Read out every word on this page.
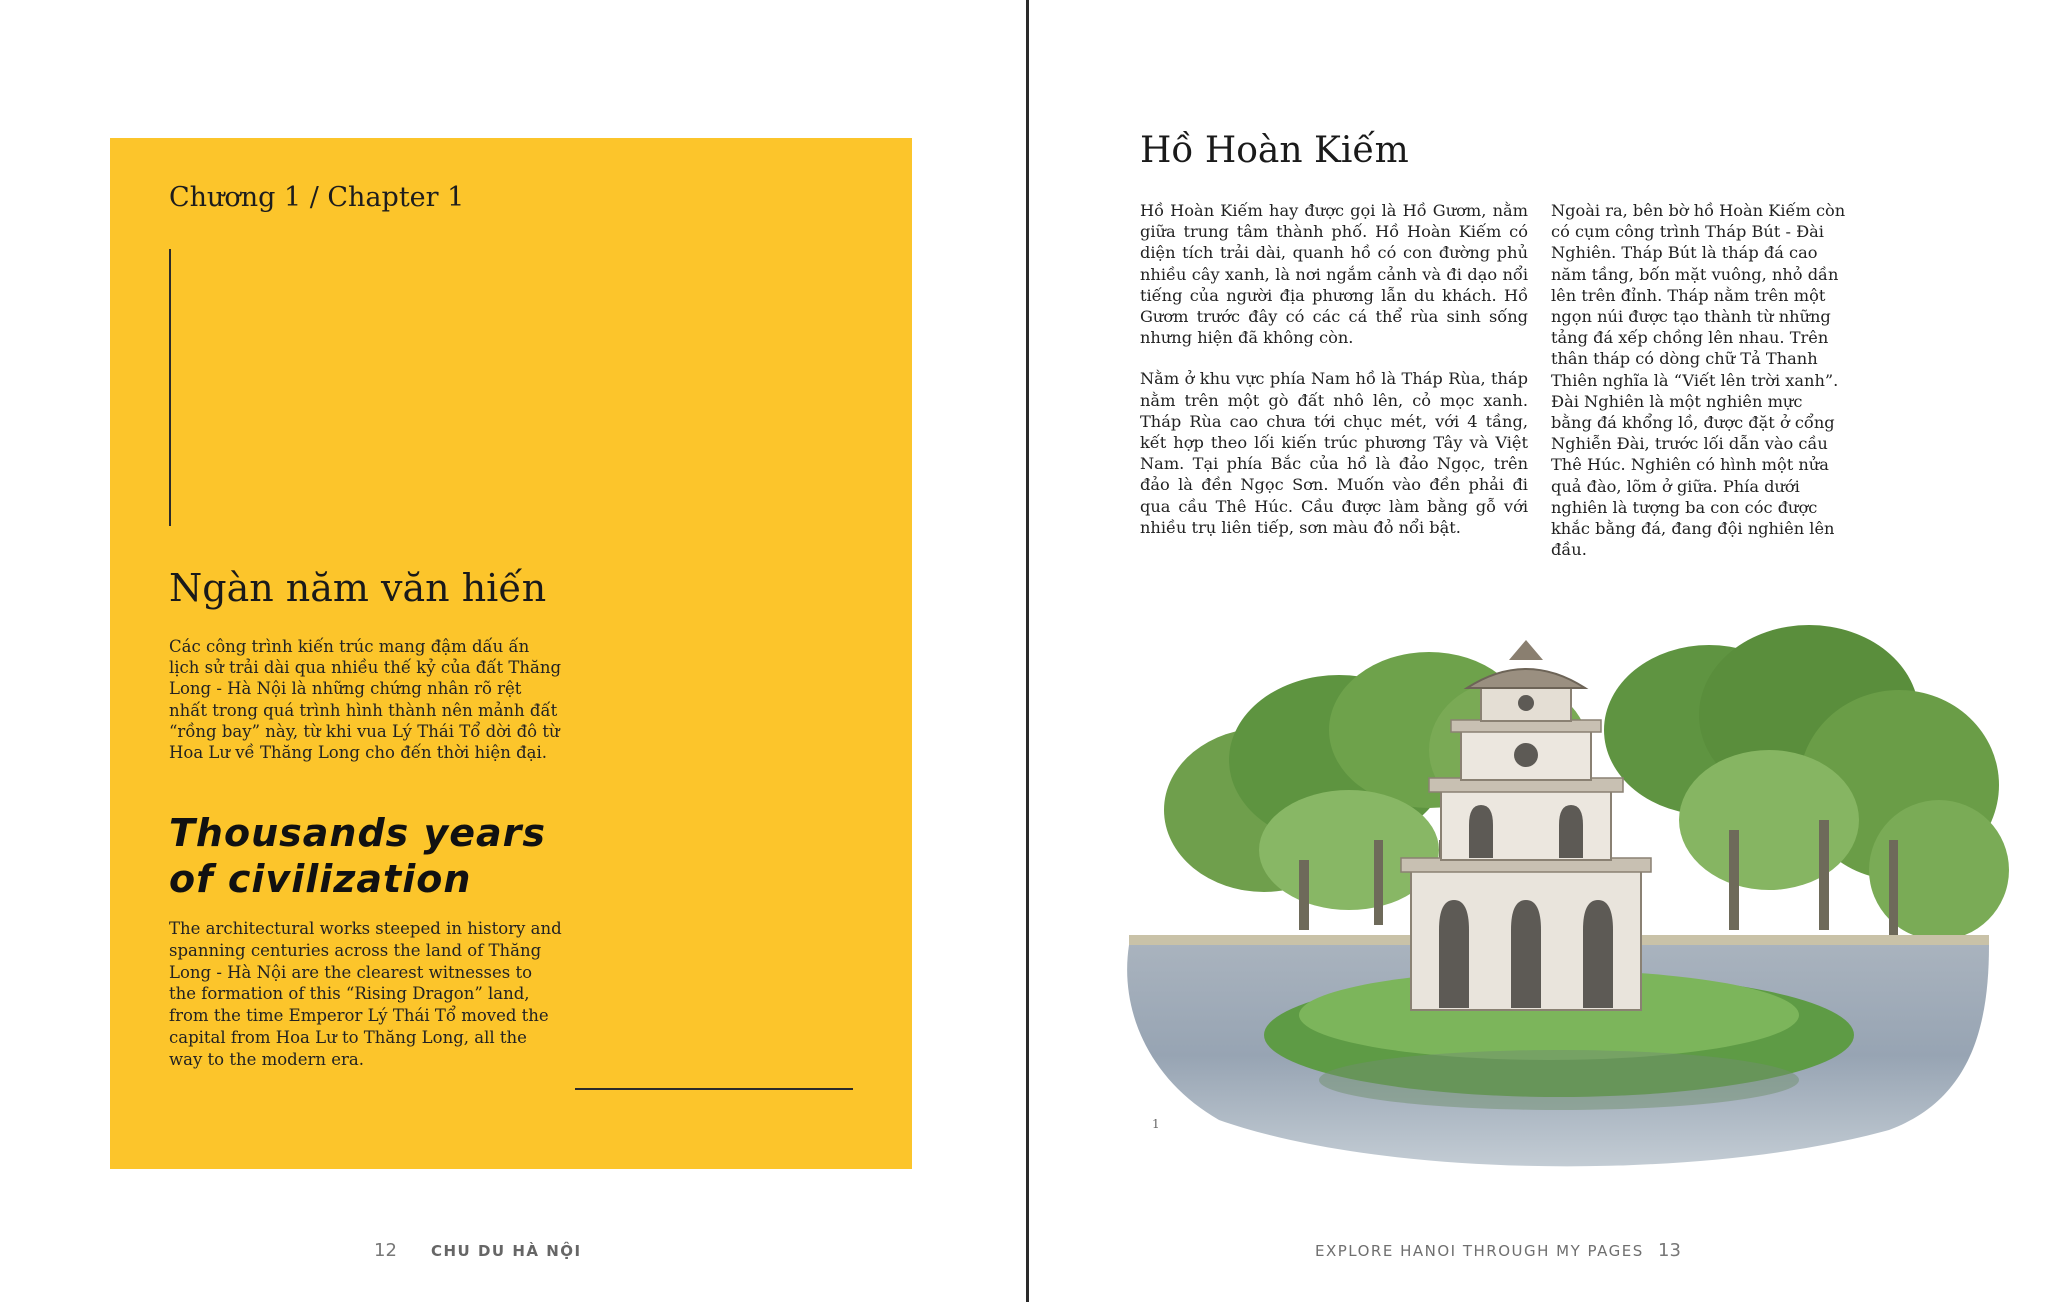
Chương 1 / Chapter 1

Ngàn năm văn hiến

Các công trình kiến trúc mang đậm dấu ấn lịch sử trải dài qua nhiều thế kỷ của đất Thăng Long - Hà Nội là những chứng nhân rõ rệt nhất trong quá trình hình thành nên mảnh đất “rồng bay” này, từ khi vua Lý Thái Tổ dời đô từ Hoa Lư về Thăng Long cho đến thời hiện đại.

Thousands years
of civilization

The architectural works steeped in history and spanning centuries across the land of Thăng Long - Hà Nội are the clearest witnesses to the formation of this “Rising Dragon” land, from the time Emperor Lý Thái Tổ moved the capital from Hoa Lư to Thăng Long, all the way to the modern era.

12 CHU DU HÀ NỘI

Hồ Hoàn Kiếm

Hồ Hoàn Kiếm hay được gọi là Hồ Gươm, nằm giữa trung tâm thành phố. Hồ Hoàn Kiếm có diện tích trải dài, quanh hồ có con đường phủ nhiều cây xanh, là nơi ngắm cảnh và đi dạo nổi tiếng của người địa phương lẫn du khách. Hồ Gươm trước đây có các cá thể rùa sinh sống nhưng hiện đã không còn.

Nằm ở khu vực phía Nam hồ là Tháp Rùa, tháp nằm trên một gò đất nhô lên, cỏ mọc xanh. Tháp Rùa cao chưa tới chục mét, với 4 tầng, kết hợp theo lối kiến trúc phương Tây và Việt Nam. Tại phía Bắc của hồ là đảo Ngọc, trên đảo là đền Ngọc Sơn. Muốn vào đền phải đi qua cầu Thê Húc. Cầu được làm bằng gỗ với nhiều trụ liên tiếp, sơn màu đỏ nổi bật.

Ngoài ra, bên bờ hồ Hoàn Kiếm còn có cụm công trình Tháp Bút - Đài Nghiên. Tháp Bút là tháp đá cao năm tầng, bốn mặt vuông, nhỏ dần lên trên đỉnh. Tháp nằm trên một ngọn núi được tạo thành từ những tảng đá xếp chồng lên nhau. Trên thân tháp có dòng chữ Tả Thanh Thiên nghĩa là “Viết lên trời xanh”. Đài Nghiên là một nghiên mực bằng đá khổng lồ, được đặt ở cổng Nghiễn Đài, trước lối dẫn vào cầu Thê Húc. Nghiên có hình một nửa quả đào, lõm ở giữa. Phía dưới nghiên là tượng ba con cóc được khắc bằng đá, đang đội nghiên lên đầu.

1

EXPLORE HANOI THROUGH MY PAGES 13
